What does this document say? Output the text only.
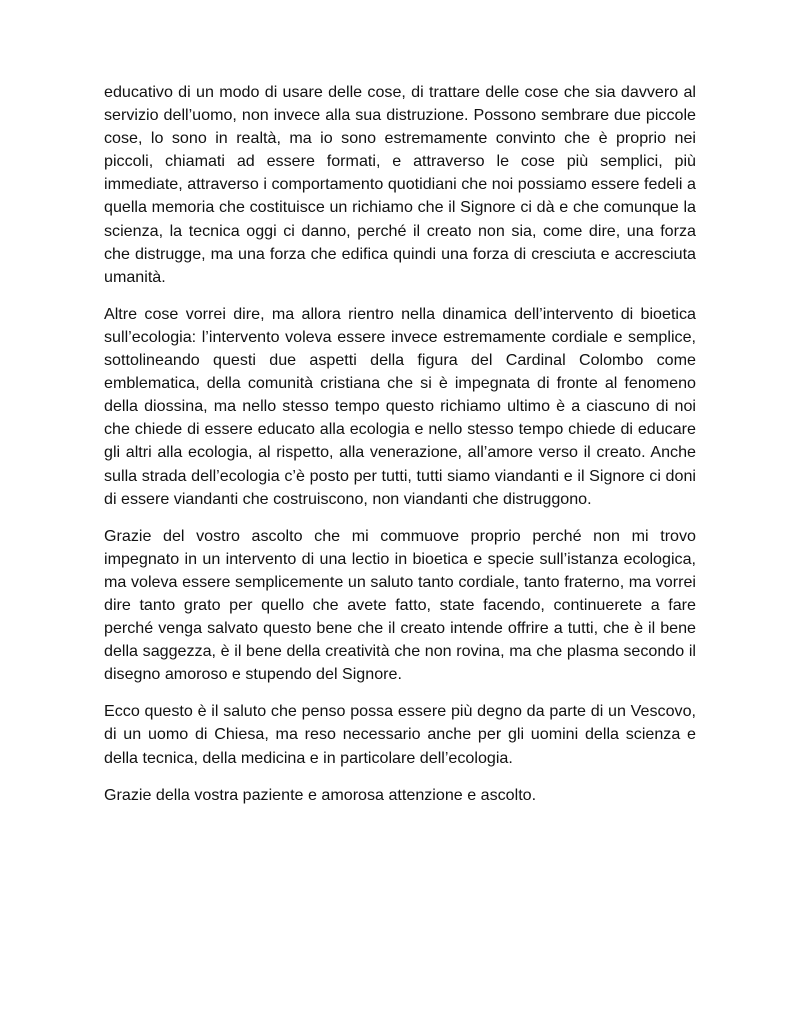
educativo di un modo di usare delle cose, di trattare delle cose che sia davvero al servizio dell’uomo, non invece alla sua distruzione. Possono sembrare due piccole cose, lo sono in realtà, ma io sono estremamente convinto che è proprio nei piccoli, chiamati ad essere formati, e attraverso le cose più semplici, più immediate, attraverso i comportamento quotidiani che noi possiamo essere fedeli a quella memoria che costituisce un richiamo che il Signore ci dà e che comunque la scienza, la tecnica oggi ci danno, perché il creato non sia, come dire, una forza che distrugge, ma una forza che edifica quindi una forza di cresciuta e accresciuta umanità.

Altre cose vorrei dire, ma allora rientro nella dinamica dell’intervento di bioetica sull’ecologia: l’intervento voleva essere invece estremamente cordiale e semplice, sottolineando questi due aspetti della figura del Cardinal Colombo come emblematica, della comunità cristiana che si è impegnata di fronte al fenomeno della diossina, ma nello stesso tempo questo richiamo ultimo è a ciascuno di noi che chiede di essere educato alla ecologia e nello stesso tempo chiede di educare gli altri alla ecologia, al rispetto, alla venerazione, all’amore verso il creato. Anche sulla strada dell’ecologia c’è posto per tutti, tutti siamo viandanti e il Signore ci doni di essere viandanti che costruiscono, non viandanti che distruggono.

Grazie del vostro ascolto che mi commuove proprio perché non mi trovo impegnato in un intervento di una lectio in bioetica e specie sull’istanza ecologica, ma voleva essere semplicemente un saluto tanto cordiale, tanto fraterno, ma vorrei dire tanto grato per quello che avete fatto, state facendo, continuerete a fare perché venga salvato questo bene che il creato intende offrire a tutti, che è il bene della saggezza, è il bene della creatività che non rovina, ma che plasma secondo il disegno amoroso e stupendo del Signore.

Ecco questo è il saluto che penso possa essere più degno da parte di un Vescovo, di un uomo di Chiesa, ma reso necessario anche per gli uomini della scienza e della tecnica, della medicina e in particolare dell’ecologia.

Grazie della vostra paziente e amorosa attenzione e ascolto.
